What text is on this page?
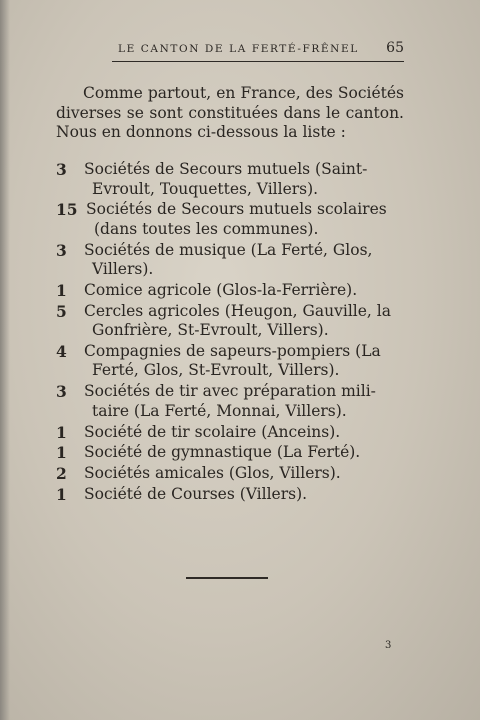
LE CANTON DE LA FERTÉ-FRÊNEL 65

Comme partout, en France, des Sociétés diverses se sont constituées dans le canton. Nous en donnons ci-dessous la liste :

3	Sociétés de Secours mutuels (Saint-
Evroult, Touquettes, Villers).
15 Sociétés de Secours mutuels scolaires
(dans toutes les communes).
3	Sociétés de musique (La Ferté, Glos,
Villers).
1	Comice agricole (Glos-la-Ferrière).
5	Cercles agricoles (Heugon, Gauville, la
Gonfrière, St-Evroult, Villers).
4	Compagnies de sapeurs-pompiers (La
Ferté, Glos, St-Evroult, Villers).
3	Sociétés de tir avec préparation mili-
taire (La Ferté, Monnai, Villers).
1	Société de tir scolaire (Anceins).
1	Société de gymnastique (La Ferté).
2	Sociétés amicales (Glos, Villers).
1	Société de Courses (Villers).
3
